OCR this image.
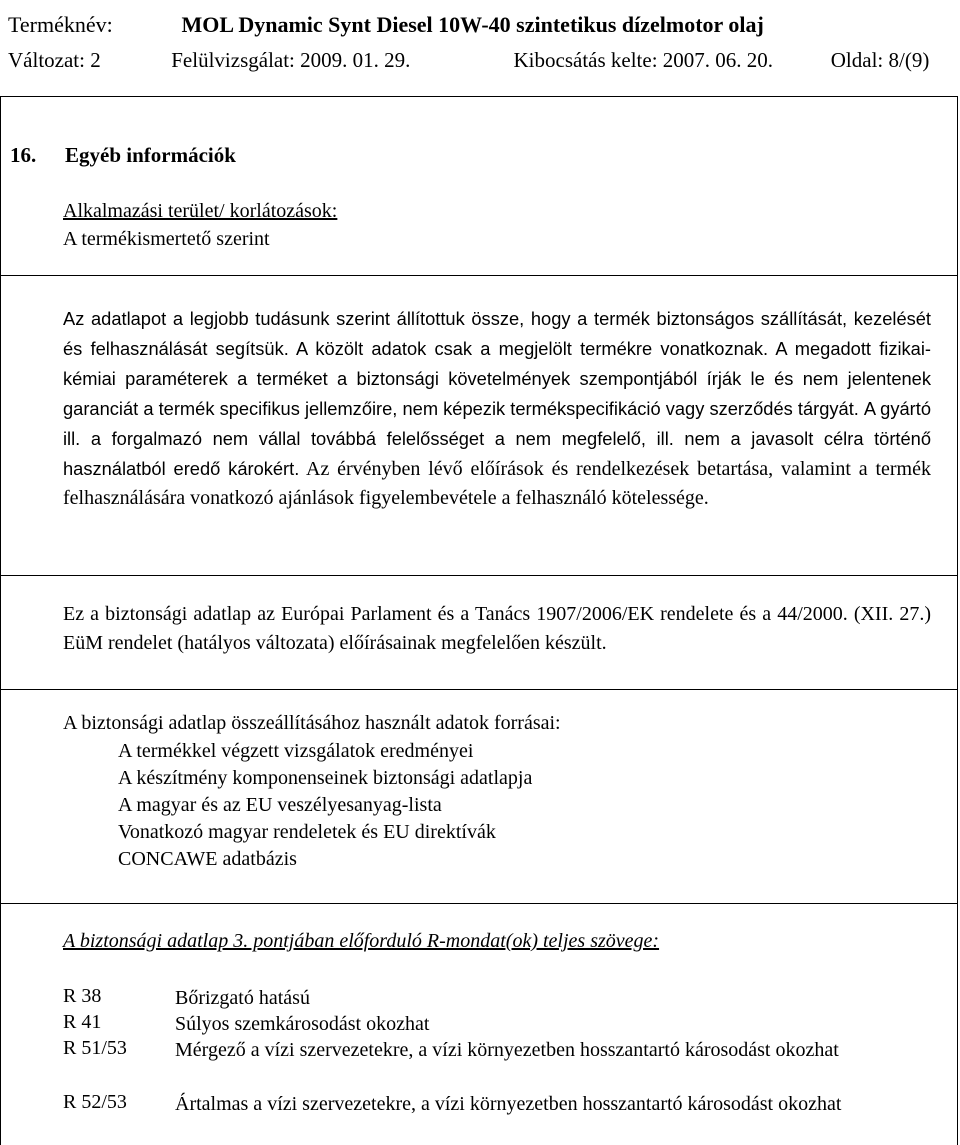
Terméknév:	MOL Dynamic Synt Diesel 10W-40 szintetikus dízelmotor olaj
Változat: 2	Felülvizsgálat: 2009. 01. 29.	Kibocsátás kelte: 2007. 06. 20.	Oldal: 8/(9)
16. Egyéb információk
Alkalmazási terület/ korlátozások:
A termékismertető szerint
Az adatlapot a legjobb tudásunk szerint állítottuk össze, hogy a termék biztonságos szállítását, kezelését és felhasználását segítsük. A közölt adatok csak a megjelölt termékre vonatkoznak. A megadott fizikai-kémiai paraméterek a terméket a biztonsági követelmények szempontjából írják le és nem jelentenek garanciát a termék specifikus jellemzőire, nem képezik termékspecifikáció vagy szerződés tárgyát. A gyártó ill. a forgalmazó nem vállal továbbá felelősséget a nem megfelelő, ill. nem a javasolt célra történő használatból eredő károkért. Az érvényben lévő előírások és rendelkezések betartása, valamint a termék felhasználására vonatkozó ajánlások figyelembevétele a felhasználó kötelessége.
Ez a biztonsági adatlap az Európai Parlament és a Tanács 1907/2006/EK rendelete és a 44/2000. (XII. 27.) EüM rendelet (hatályos változata) előírásainak megfelelően készült.
A biztonsági adatlap összeállításához használt adatok forrásai:
A termékkel végzett vizsgálatok eredményei
A készítmény komponenseinek biztonsági adatlapja
A magyar és az EU veszélyesanyag-lista
Vonatkozó magyar rendeletek és EU direktívák
CONCAWE adatbázis
A biztonsági adatlap 3. pontjában előforduló R-mondat(ok) teljes szövege:
R 38	Bőrizgató hatású
R 41	Súlyos szemkárosodást okozhat
R 51/53	Mérgező a vízi szervezetekre, a vízi környezetben hosszantartó károsodást okozhat
R 52/53	Ártalmas a vízi szervezetekre, a vízi környezetben hosszantartó károsodást okozhat
